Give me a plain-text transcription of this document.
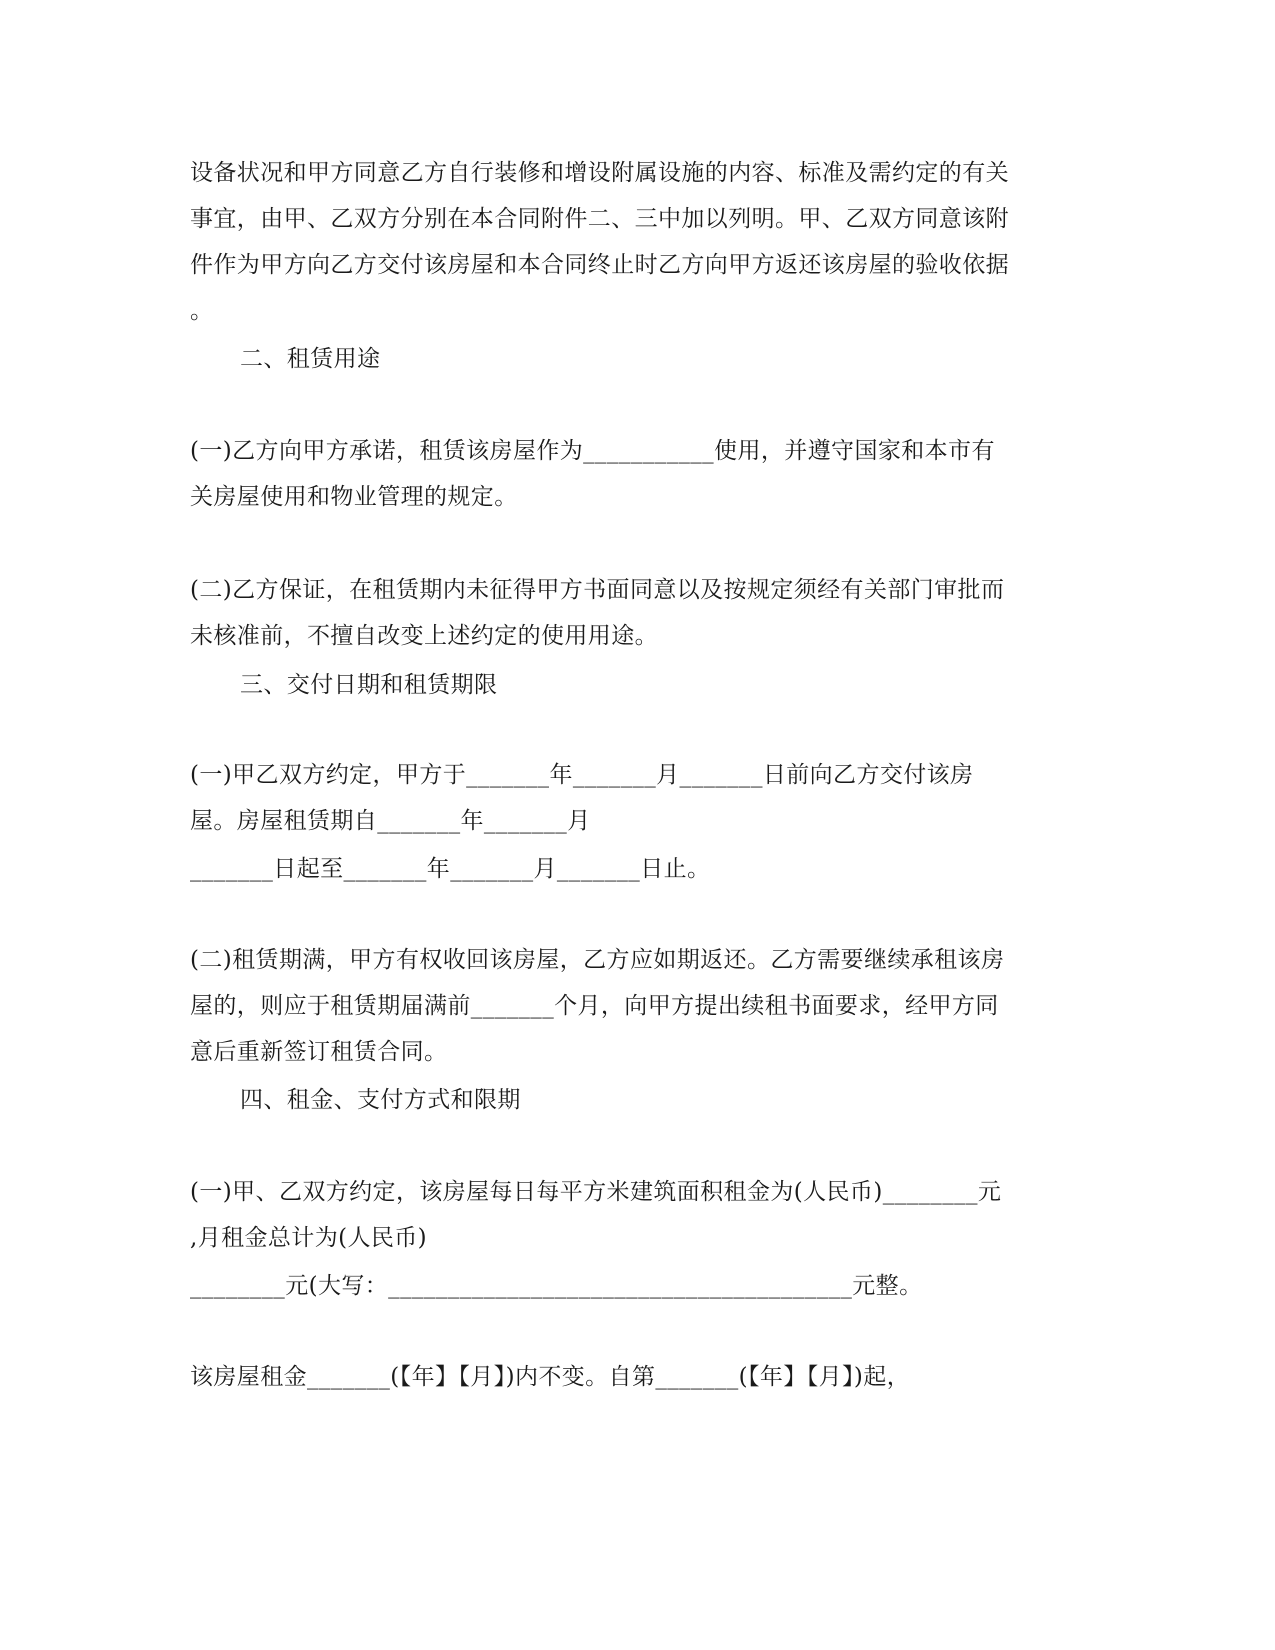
设备状况和甲方同意乙方自行装修和增设附属设施的内容、标准及需约定的有关
事宜，由甲、乙双方分别在本合同附件二、三中加以列明。甲、乙双方同意该附
件作为甲方向乙方交付该房屋和本合同终止时乙方向甲方返还该房屋的验收依据
。
二、租赁用途
(一)乙方向甲方承诺，租赁该房屋作为___________使用，并遵守国家和本市有
关房屋使用和物业管理的规定。
(二)乙方保证，在租赁期内未征得甲方书面同意以及按规定须经有关部门审批而
未核准前，不擅自改变上述约定的使用用途。
三、交付日期和租赁期限
(一)甲乙双方约定，甲方于_______年_______月_______日前向乙方交付该房
屋。房屋租赁期自_______年_______月
_______日起至_______年_______月_______日止。
(二)租赁期满，甲方有权收回该房屋，乙方应如期返还。乙方需要继续承租该房
屋的，则应于租赁期届满前_______个月，向甲方提出续租书面要求，经甲方同
意后重新签订租赁合同。
四、租金、支付方式和限期
(一)甲、乙双方约定，该房屋每日每平方米建筑面积租金为(人民币)________元
,月租金总计为(人民币)
________元(大写：_______________________________________元整。
该房屋租金_______(【年】【月】)内不变。自第_______(【年】【月】)起，
